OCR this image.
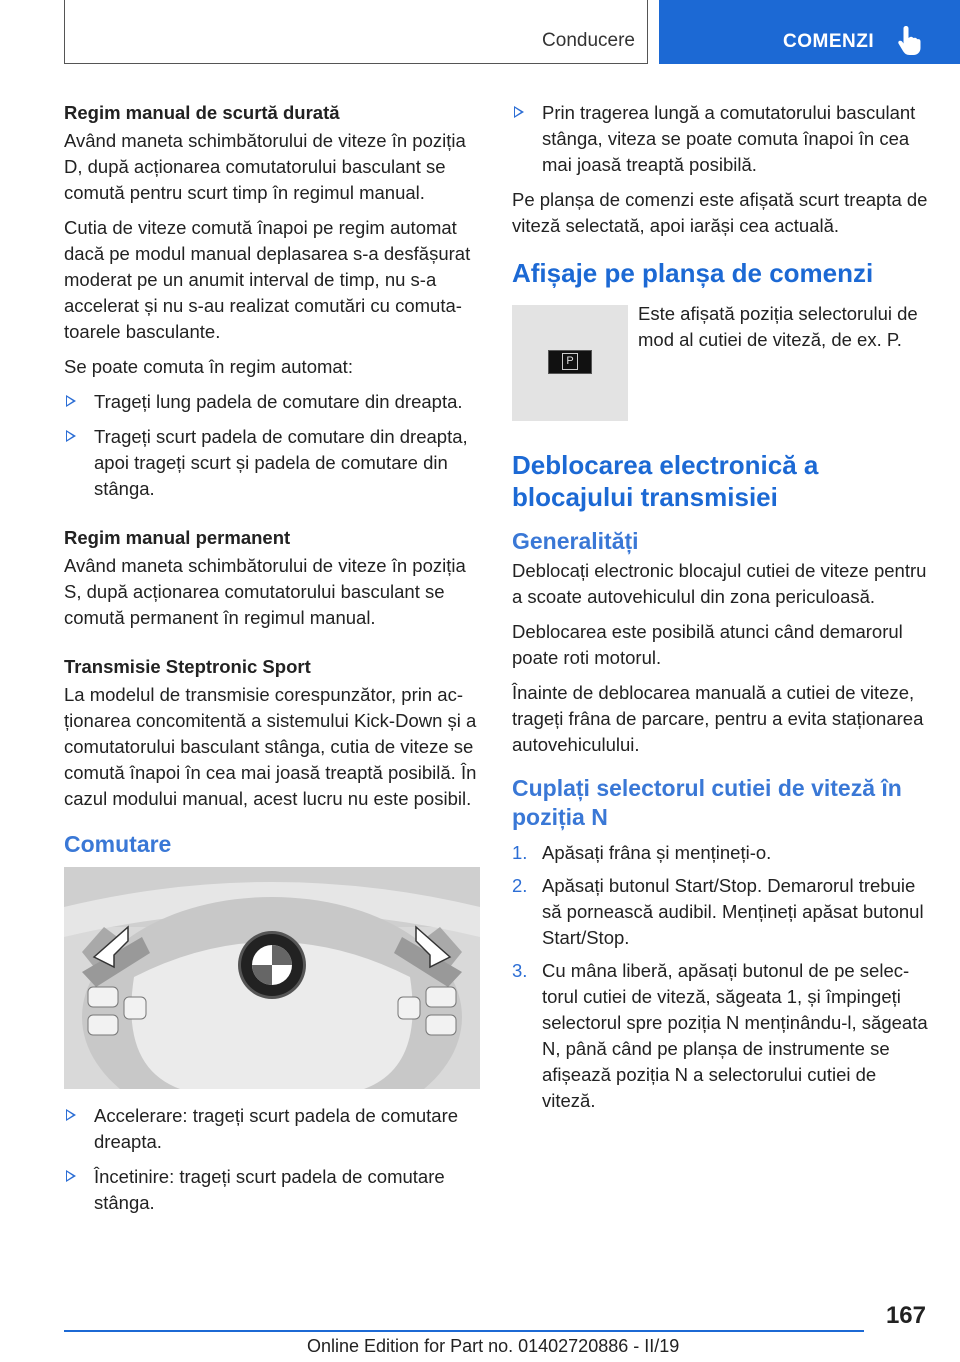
Conducere	COMENZI

Regim manual de scurtă durată

Având maneta schimbătorului de viteze în poziția D, după acționarea comutatorului basculant se comută pentru scurt timp în regimul manual.

Cutia de viteze comută înapoi pe regim automat dacă pe modul manual deplasarea s-a desfășurat moderat pe un anumit interval de timp, nu s-a accelerat și nu s-au realizat comutări cu comutatoarele basculante.

Se poate comuta în regim automat:

Trageți lung padela de comutare din dreapta.
Trageți scurt padela de comutare din dreapta, apoi trageți scurt și padela de comutare din stânga.

Regim manual permanent

Având maneta schimbătorului de viteze în poziția S, după acționarea comutatorului basculant se comută permanent în regimul manual.

Transmisie Steptronic Sport

La modelul de transmisie corespunzător, prin acționarea concomitentă a sistemului Kick-Down și a comutatorului basculant stânga, cutia de viteze se comută înapoi în cea mai joasă treaptă posibilă. În cazul modului manual, acest lucru nu este posibil.

Comutare
Accelerare: trageți scurt padela de comutare dreapta.
Încetinire: trageți scurt padela de comutare stânga.
Prin tragerea lungă a comutatorului basculant stânga, viteza se poate comuta înapoi în cea mai joasă treaptă posibilă.

Pe planșa de comenzi este afișată scurt treapta de viteză selectată, apoi iarăși cea actuală.

Afișaje pe planșa de comenzi
P

Este afișată poziția selectorului de mod al cutiei de viteză, de ex. P.

Deblocarea electronică a blocajului transmisiei
Generalități

Deblocați electronic blocajul cutiei de viteze pentru a scoate autovehiculul din zona periculoasă.

Deblocarea este posibilă atunci când demarorul poate roti motorul.

Înainte de deblocarea manuală a cutiei de viteze, trageți frâna de parcare, pentru a evita staționarea autovehiculului.

Cuplați selectorul cutiei de viteză în poziția N
1. Apăsați frâna și mențineți-o.
2. Apăsați butonul Start/Stop. Demarorul trebuie să pornească audibil. Mențineți apăsat butonul Start/Stop.
3. Cu mâna liberă, apăsați butonul de pe selectorul cutiei de viteză, săgeata 1, și împingeți selectorul spre poziția N menținându-l, săgeata N, până când pe planșa de instrumente se afișează poziția N a selectorului cutiei de viteză.
167
Online Edition for Part no. 01402720886 - II/19
